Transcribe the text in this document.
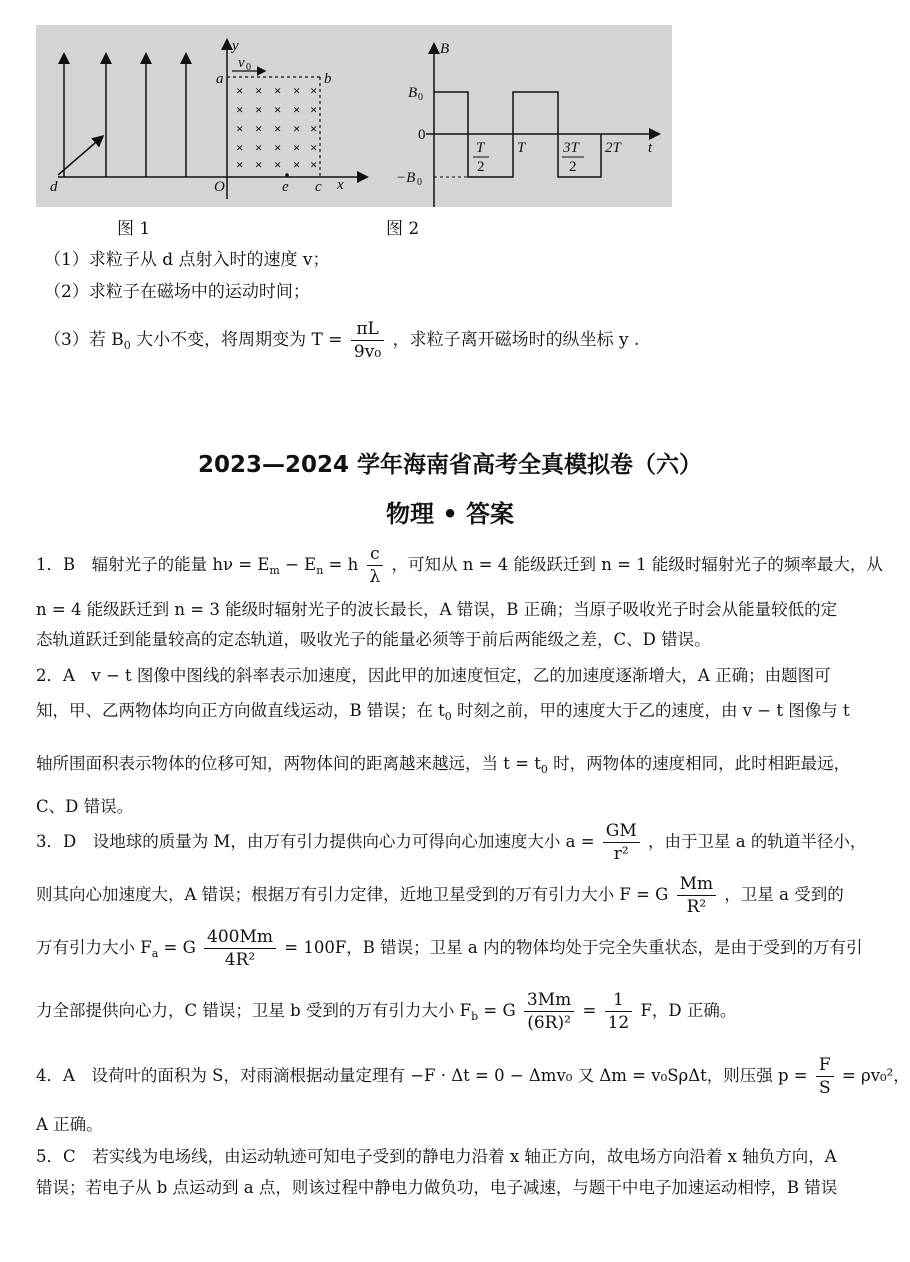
× × × × ×
× × × × ×
× × × × ×
× × × × ×
× × × × ×
y
v 0
a	b
d	O	e c x
B
B 0
0
−B 0
T
2
T	3T
2
2T t
图 1	图 2
（1）求粒子从 d 点射入时的速度 v；
（2）求粒子在磁场中的运动时间；
（3）若 $B_0$ 大小不变，将周期变为 $T = \frac{\pi L}{\text{9v₀}}$ ，求粒子离开磁场时的纵坐标 y .
2023—2024 学年海南省高考全真模拟卷（六）
物理 • 答案
1．B　辐射光子的能量 $h\nu = E_m - E_n = h \frac{c}{\lambda}$ ，可知从 n = 4 能级跃迁到 n = 1 能级时辐射光子的频率最大，从
n = 4 能级跃迁到 n = 3 能级时辐射光子的波长最长，A 错误，B 正确；当原子吸收光子时会从能量较低的定
态轨道跃迁到能量较高的定态轨道，吸收光子的能量必须等于前后两能级之差，C、D 错误。
2．A　v − t 图像中图线的斜率表示加速度，因此甲的加速度恒定，乙的加速度逐渐增大，A 正确；由题图可
知，甲、乙两物体均向正方向做直线运动，B 错误；在 $t_0$ 时刻之前，甲的速度大于乙的速度，由 v − t 图像与 t
轴所围面积表示物体的位移可知，两物体间的距离越来越远，当 $t = t_0$ 时，两物体的速度相同，此时相距最远，
C、D 错误。
3．D　设地球的质量为 M，由万有引力提供向心力可得向心加速度大小 $a = \frac{GM}{\text{r²}}$ ，由于卫星 a 的轨道半径小，
则其向心加速度大，A 错误；根据万有引力定律，近地卫星受到的万有引力大小 F = G $\frac{Mm}{\text{R²}}$ ，卫星 a 受到的
万有引力大小 $F_a = G \frac{400Mm}{\text{4R²}} = 100F$，B 错误；卫星 a 内的物体均处于完全失重状态，是由于受到的万有引
力全部提供向心力，C 错误；卫星 b 受到的万有引力大小 $F_b = G \frac{3Mm}{\text{(6R)²}} = \frac{1}{12}$ F，D 正确。
4．A　设荷叶的面积为 S，对雨滴根据动量定理有 −F · Δt = 0 − Δmv₀ 又 Δm = v₀SρΔt，则压强 $p = \frac{F}{S} = \rho v_0^2$，
A 正确。
5．C　若实线为电场线，由运动轨迹可知电子受到的静电力沿着 x 轴正方向，故电场方向沿着 x 轴负方向，A
错误；若电子从 b 点运动到 a 点，则该过程中静电力做负功，电子减速，与题干中电子加速运动相悖，B 错误
